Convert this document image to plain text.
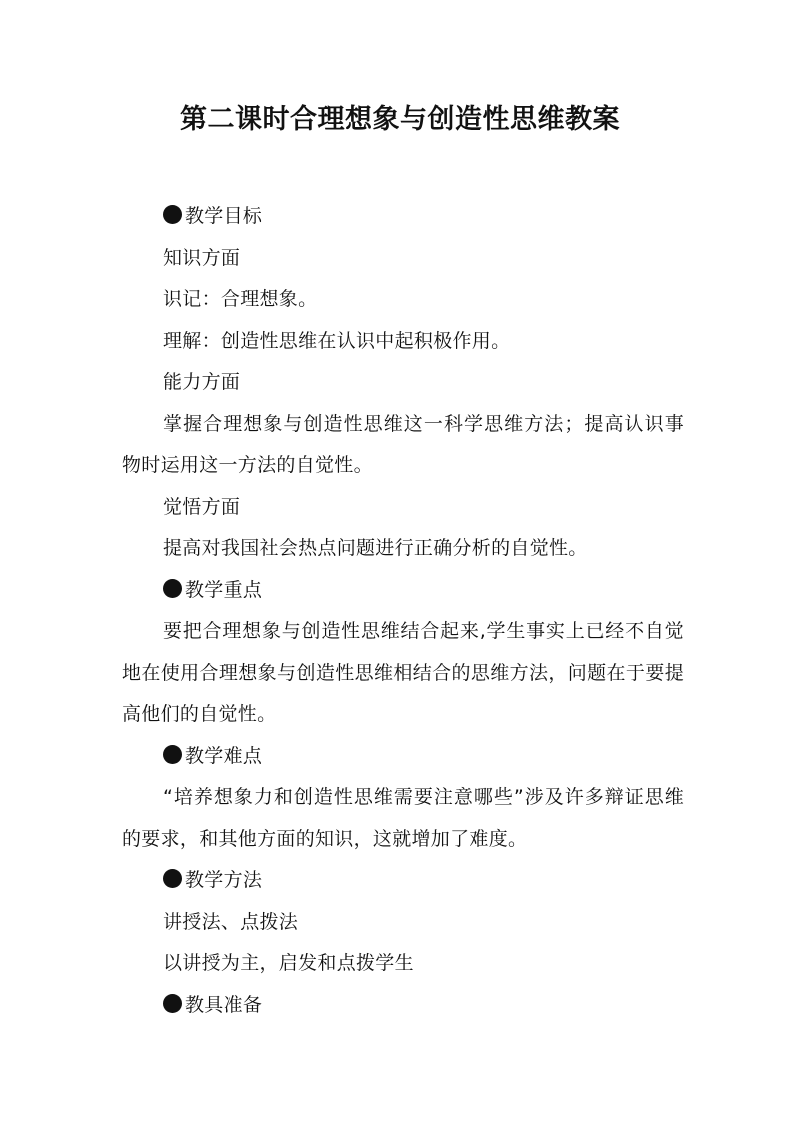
第二课时合理想象与创造性思维教案
教学目标
知识方面
识记：合理想象。
理解：创造性思维在认识中起积极作用。
能力方面
掌握合理想象与创造性思维这一科学思维方法；提高认识事物时运用这一方法的自觉性。
觉悟方面
提高对我国社会热点问题进行正确分析的自觉性。
教学重点
要把合理想象与创造性思维结合起来,学生事实上已经不自觉地在使用合理想象与创造性思维相结合的思维方法，问题在于要提高他们的自觉性。
教学难点
“培养想象力和创造性思维需要注意哪些”涉及许多辩证思维的要求，和其他方面的知识，这就增加了难度。
教学方法
讲授法、点拨法
以讲授为主，启发和点拨学生
教具准备
